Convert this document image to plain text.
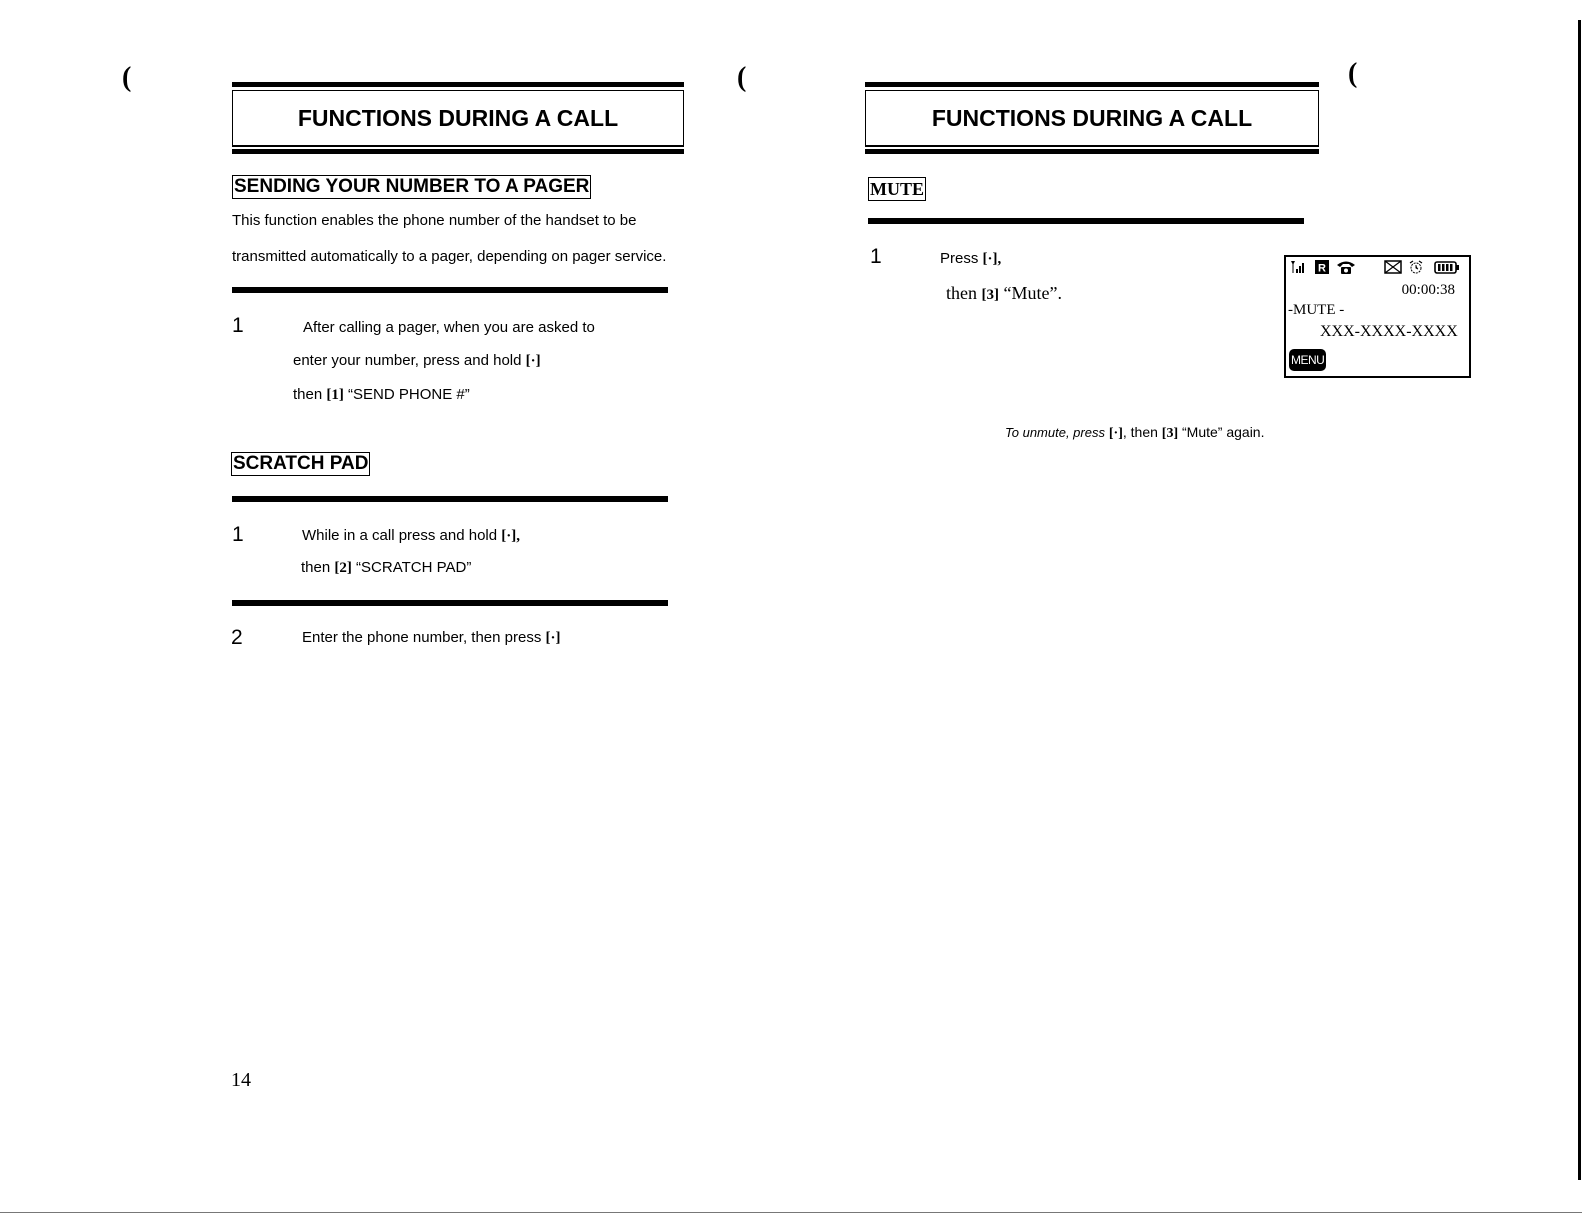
(	(	(
FUNCTIONS DURING A CALL
SENDING YOUR NUMBER TO A PAGER
This function enables the phone number of the handset to be
transmitted automatically to a pager, depending on pager service.
1	After calling a pager, when you are asked to
enter your number, press and hold [·]
then [1] “SEND PHONE #”
SCRATCH PAD
1	While in a call press and hold [·],
then [2] “SCRATCH PAD”
2	Enter the phone number, then press [·]
14
FUNCTIONS DURING A CALL
MUTE
1	Press [·],
then [3] “Mute”.
R
00:00:38
-MUTE -
XXX-XXXX-XXXX
MENU
To unmute, press [·], then [3] “Mute” again.
